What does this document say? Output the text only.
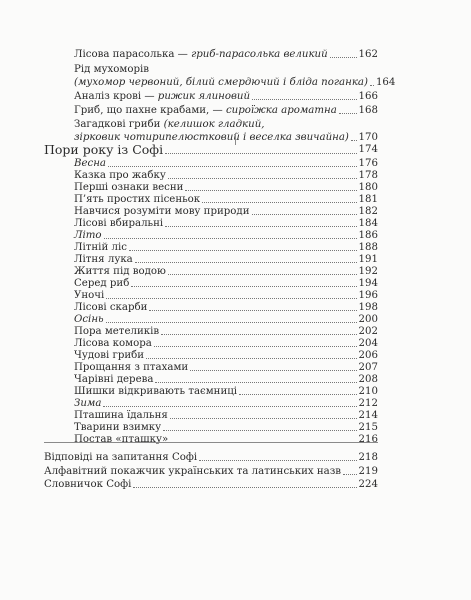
Лісова парасолька — гриб-парасолька великий	162
Рід мухоморів
(мухомор червоний, білий смердючий і бліда поганка) 164
Аналіз крові — рижик ялиновий	166
Гриб, що пахне крабами, — сироїжка ароматна 168
Загадкові гриби (келишок гладкий,
зірковик чотирипелюстковий і веселка звичайна) 170
Пори року із Софі	174
Весна	176
Казка про жабку	178
Перші ознаки весни	180
П’ять простих пісеньок	181
Навчися розуміти мову природи	182
Лісові вбиральні	184
Літо	186
Літній ліс	188
Літня лука	191
Життя під водою	192
Серед риб	194
Уночі	196
Лісові скарби	198
Осінь	200
Пора метеликів	202
Лісова комора	204
Чудові гриби	206
Прощання з птахами	207
Чарівні дерева	208
Шишки відкривають таємниці	210
Зима	212
Пташина їдальня	214
Тварини взимку	215
Постав «пташку»	216
Відповіді на запитання Софі	218
Алфавітний покажчик українських та латинських назв 219
Словничок Софі	224
